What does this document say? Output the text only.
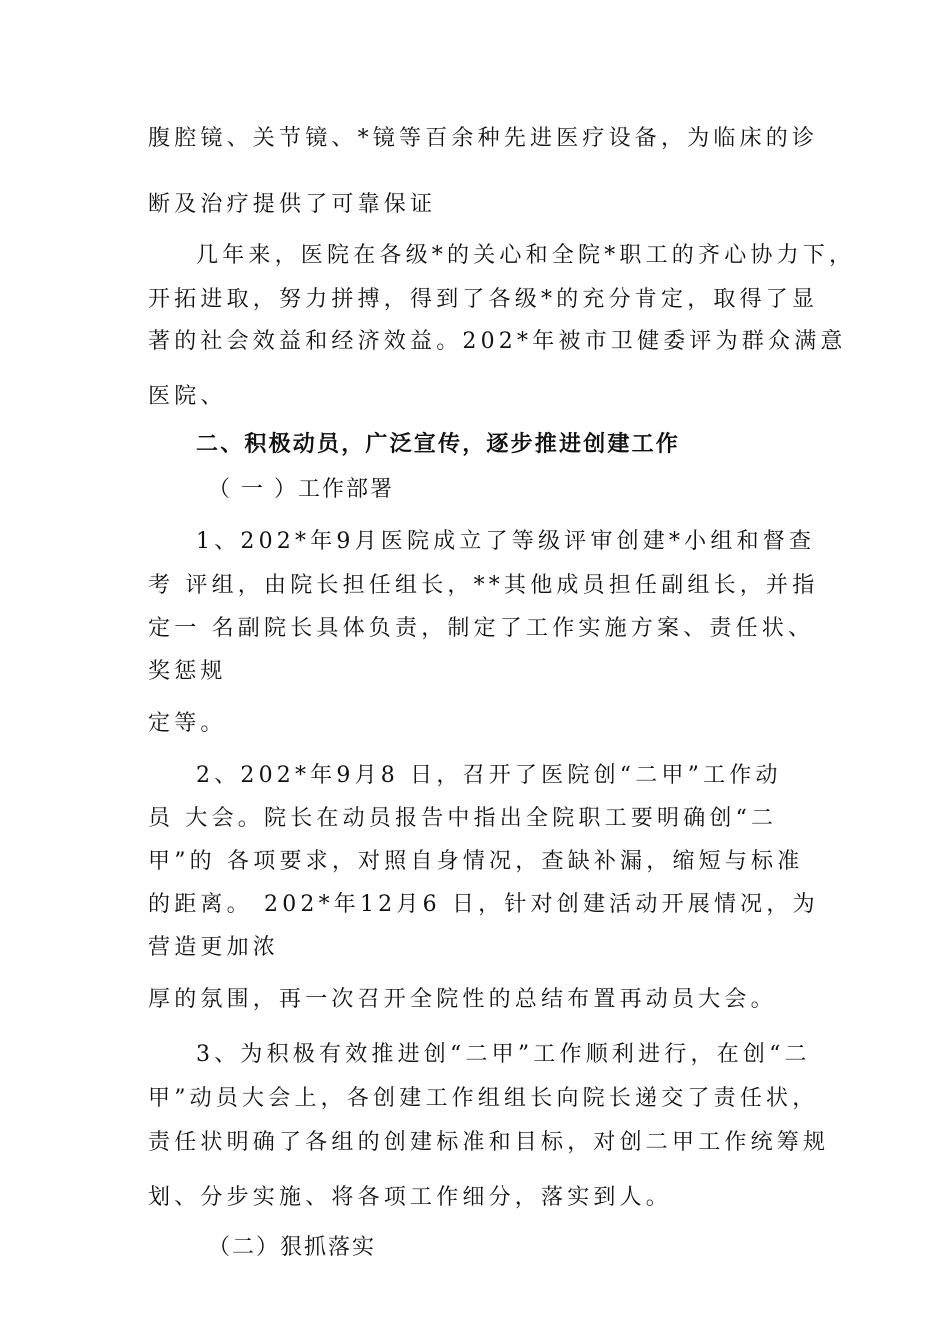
腹腔镜、关节镜、*镜等百余种先进医疗设备，为临床的诊
断及治疗提供了可靠保证
几年来，医院在各级*的关心和全院*职工的齐心协力下，
开拓进取，努力拼搏，得到了各级*的充分肯定，取得了显
著的社会效益和经济效益。202*年被市卫健委评为群众满意
医院、
二、积极动员，广泛宣传，逐步推进创建工作
（ 一 ）工作部署
1、202*年9月医院成立了等级评审创建*小组和督查
考 评组，由院长担任组长，**其他成员担任副组长，并指
定一 名副院长具体负责，制定了工作实施方案、责任状、
奖惩规
定等。
2、202*年9月8 日，召开了医院创“二甲”工作动
员 大会。院长在动员报告中指出全院职工要明确创“二
甲”的 各项要求，对照自身情况，查缺补漏，缩短与标准
的距离。 202*年12月6 日，针对创建活动开展情况，为
营造更加浓
厚的氛围，再一次召开全院性的总结布置再动员大会。
3、为积极有效推进创“二甲”工作顺利进行，在创“二
甲”动员大会上，各创建工作组组长向院长递交了责任状，
责任状明确了各组的创建标准和目标，对创二甲工作统筹规
划、分步实施、将各项工作细分，落实到人。
（二）狠抓落实
